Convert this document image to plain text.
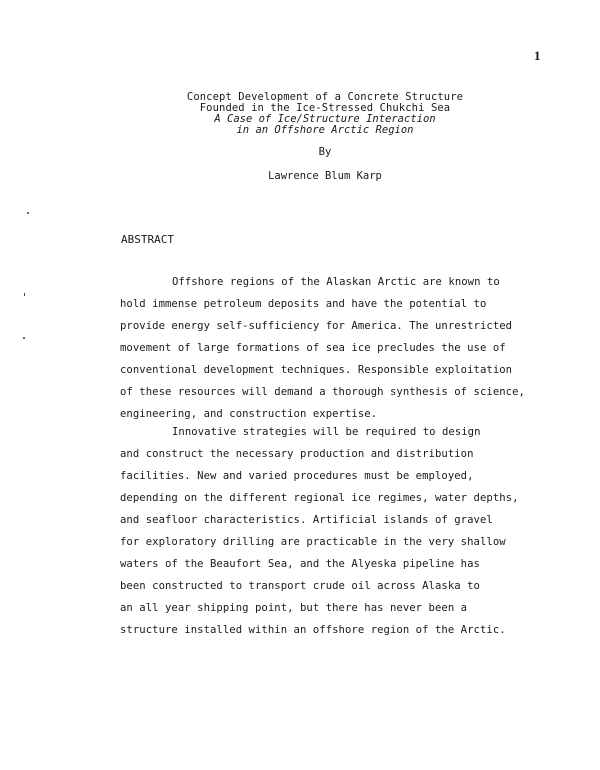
1
Concept Development of a Concrete Structure
Founded in the Ice-Stressed Chukchi Sea
A Case of Ice/Structure Interaction
in an Offshore Arctic Region
By
Lawrence Blum Karp
ABSTRACT
Offshore regions of the Alaskan Arctic are known to
hold immense petroleum deposits and have the potential to
provide energy self-sufficiency for America. The unrestricted
movement of large formations of sea ice precludes the use of
conventional development techniques. Responsible exploitation
of these resources will demand a thorough synthesis of science,
engineering, and construction expertise.
Innovative strategies will be required to design
and construct the necessary production and distribution
facilities. New and varied procedures must be employed,
depending on the different regional ice regimes, water depths,
and seafloor characteristics. Artificial islands of gravel
for exploratory drilling are practicable in the very shallow
waters of the Beaufort Sea, and the Alyeska pipeline has
been constructed to transport crude oil across Alaska to
an all year shipping point, but there has never been a
structure installed within an offshore region of the Arctic.
